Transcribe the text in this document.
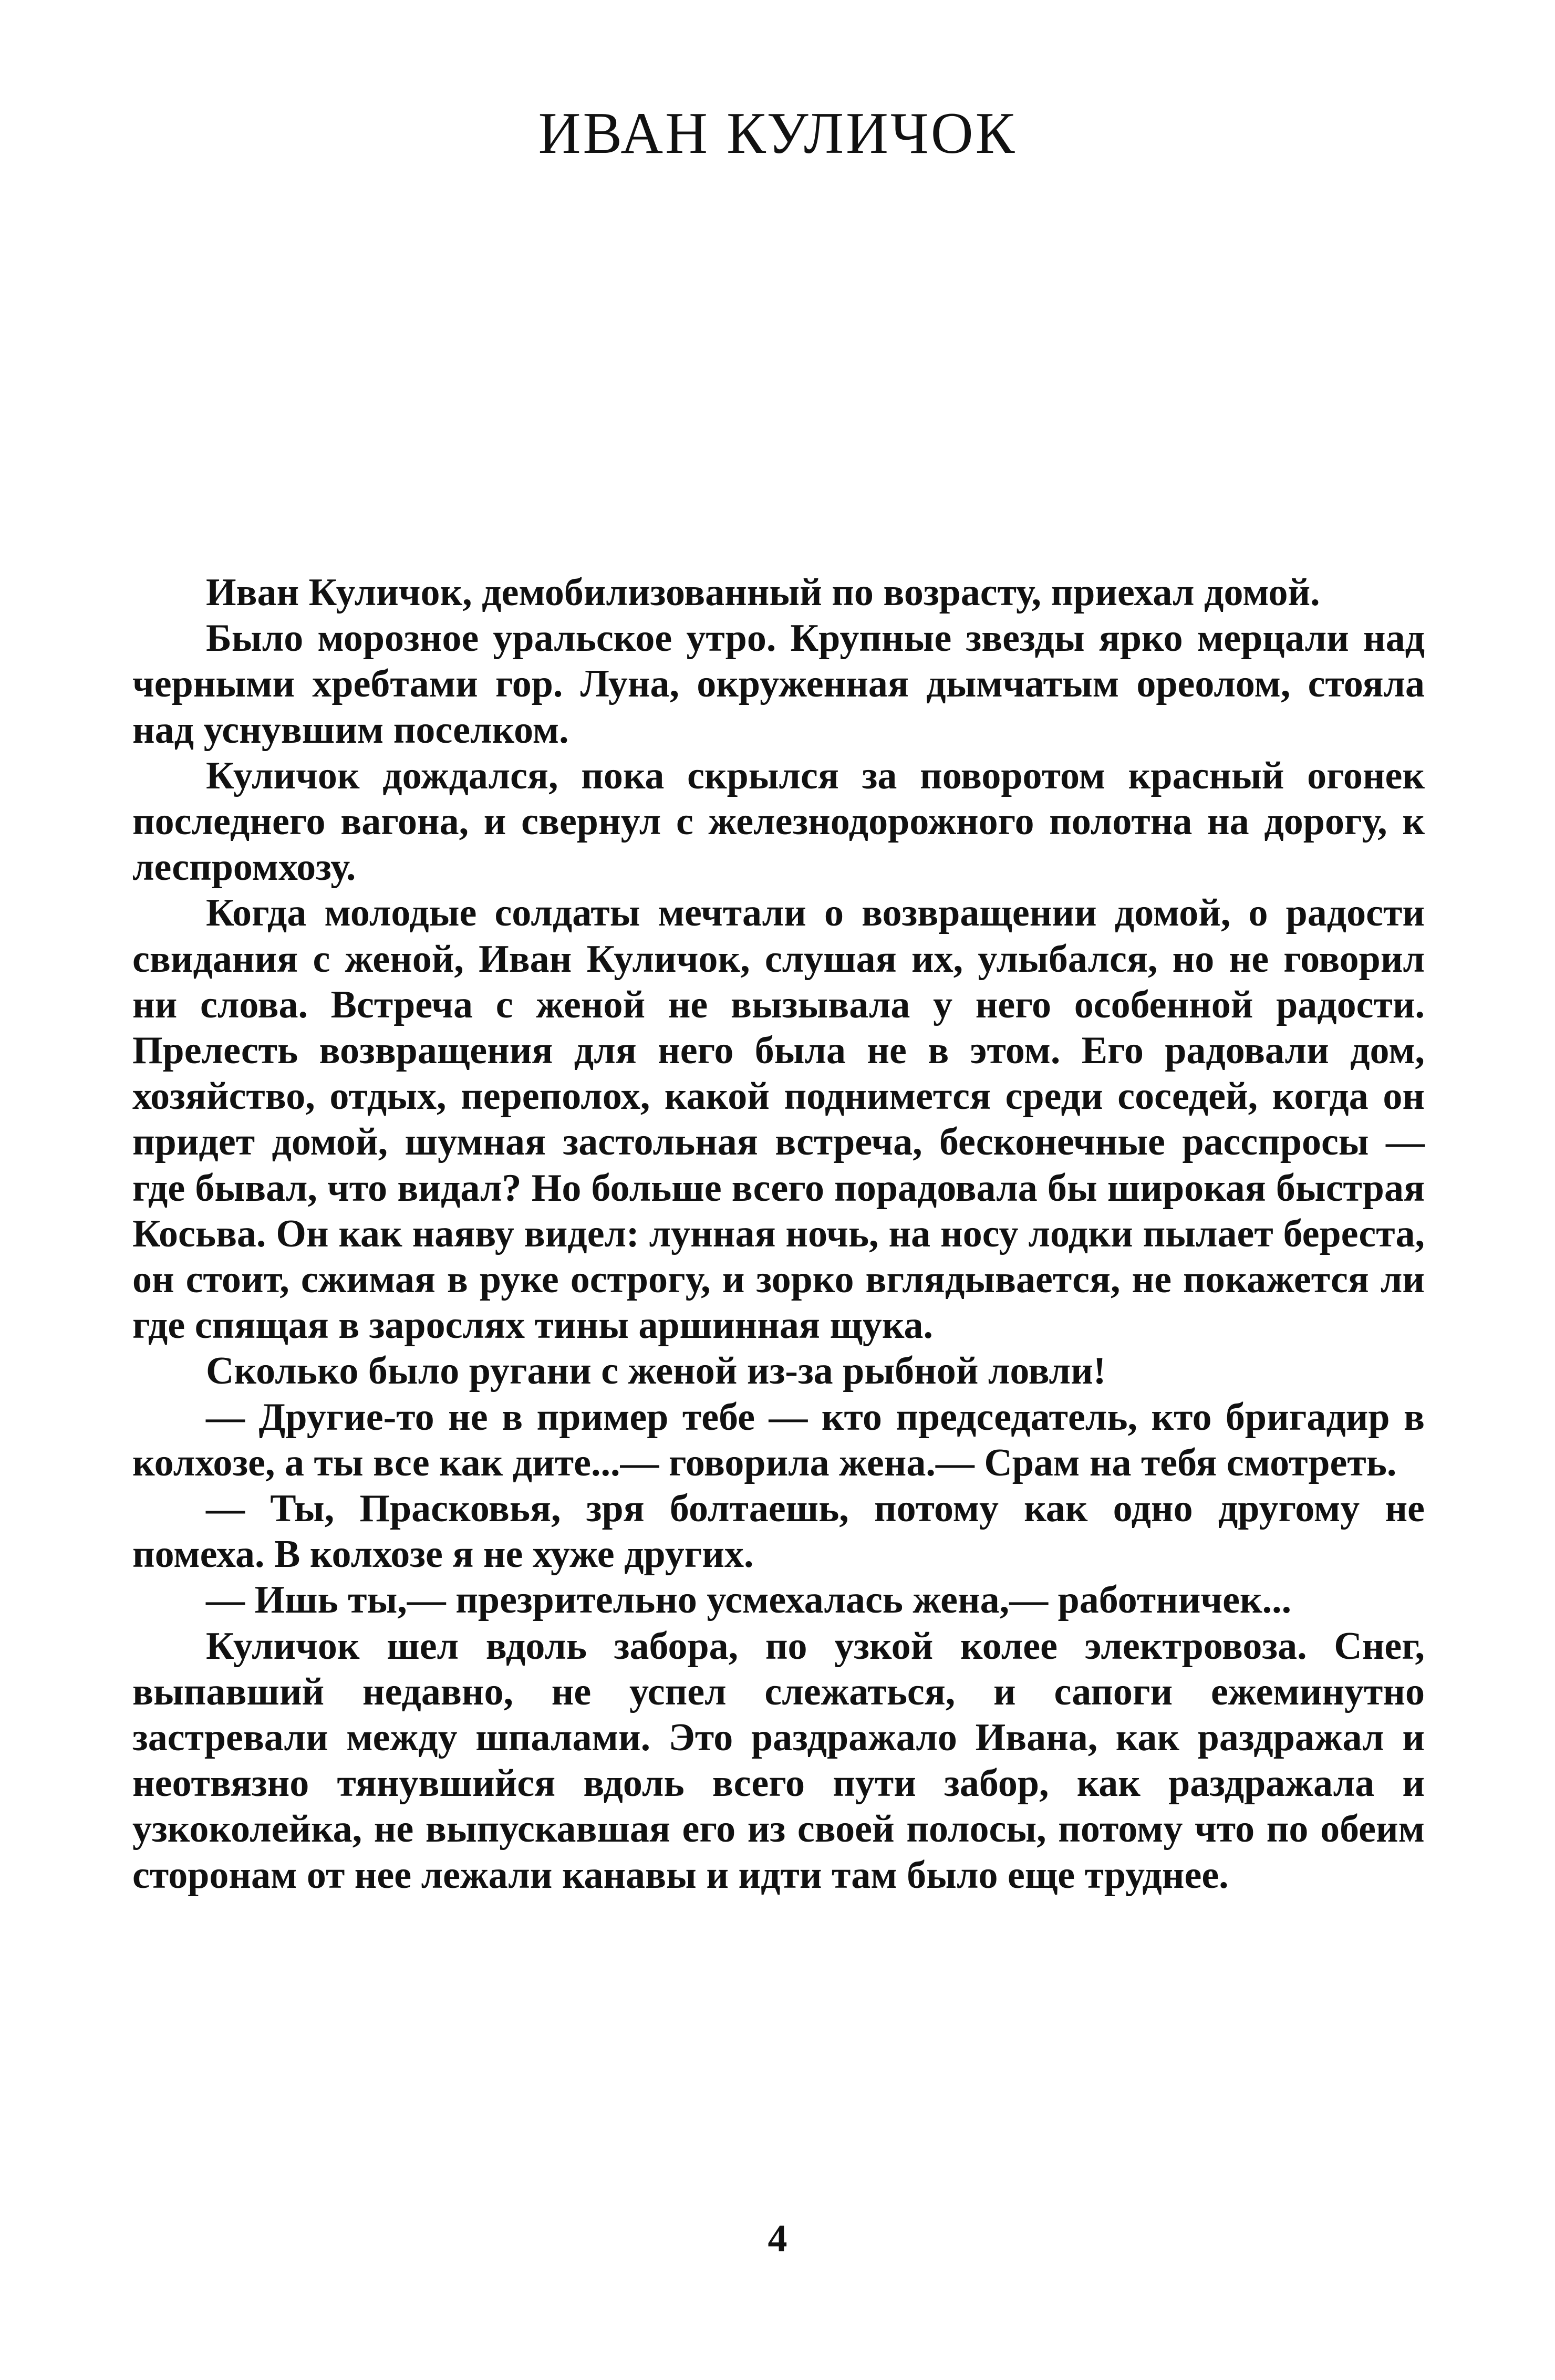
ИВАН КУЛИЧОК

Иван Куличок, демобилизованный по возрасту, приехал домой.

Было морозное уральское утро. Крупные звезды ярко мерцали над черными хребтами гор. Луна, окруженная дымчатым ореолом, стояла над уснувшим поселком.

Куличок дождался, пока скрылся за поворотом красный огонек последнего вагона, и свернул с железнодорожного полотна на дорогу, к леспромхозу.

Когда молодые солдаты мечтали о возвращении домой, о радости свидания с женой, Иван Куличок, слушая их, улыбался, но не говорил ни слова. Встреча с женой не вызывала у него особенной радости. Прелесть возвращения для него была не в этом. Его радовали дом, хозяйство, отдых, переполох, какой поднимется среди соседей, когда он придет домой, шумная застольная встреча, бесконечные расспросы — где бывал, что видал? Но больше всего порадовала бы широкая быстрая Косьва. Он как наяву видел: лунная ночь, на носу лодки пылает береста, он стоит, сжимая в руке острогу, и зорко вглядывается, не покажется ли где спящая в зарослях тины аршинная щука.

Сколько было ругани с женой из-за рыбной ловли!

— Другие-то не в пример тебе — кто председатель, кто бригадир в колхозе, а ты все как дите...— говорила жена.— Срам на тебя смотреть.

— Ты, Прасковья, зря болтаешь, потому как одно другому не помеха. В колхозе я не хуже других.

— Ишь ты,— презрительно усмехалась жена,— работничек...

Куличок шел вдоль забора, по узкой колее электровоза. Снег, выпавший недавно, не успел слежаться, и сапоги ежеминутно застревали между шпалами. Это раздражало Ивана, как раздражал и неотвязно тянувшийся вдоль всего пути забор, как раздражала и узкоколейка, не выпускавшая его из своей полосы, потому что по обеим сторонам от нее лежали канавы и идти там было еще труднее.

4
